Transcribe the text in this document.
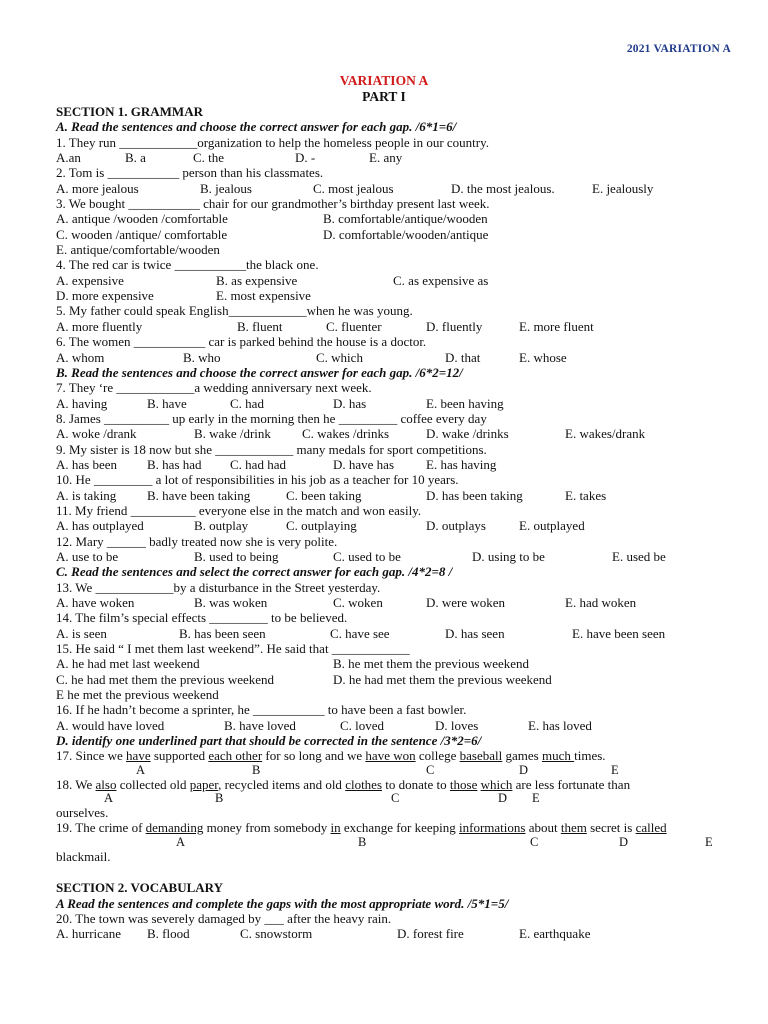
2021 VARIATION A
VARIATION A
PART I
SECTION 1. GRAMMAR
A. Read the sentences and choose the correct answer for each gap. /6*1=6/
1. They run ____________organization to help the homeless people in our country.
A.an	B. a	C. the	D. -	E. any
2. Tom is ___________ person than his classmates.
A. more jealous	B. jealous	C. most jealous	D. the most jealous.	E. jealously
3. We bought ___________ chair for our grandmother’s birthday present last week.
A. antique /wooden /comfortable	B. comfortable/antique/wooden
C. wooden /antique/ comfortable	D. comfortable/wooden/antique
E. antique/comfortable/wooden
4. The red car is twice ___________the black one.
A. expensive	B. as expensive	C. as expensive as
D. more expensive	E. most expensive
5. My father could speak English____________when he was young.
A. more fluently	B. fluent	C. fluenter	D. fluently	E. more fluent
6. The women ___________ car is parked behind the house is a doctor.
A. whom	B. who	C. which	D. that	E. whose
B. Read the sentences and choose the correct answer for each gap. /6*2=12/
7. They ‘re ____________a wedding anniversary next week.
A. having	B. have	C. had	D. has	E. been having
8. James __________ up early in the morning then he _________ coffee every day
A. woke /drank	B. wake /drink C. wakes /drinks	D. wake /drinks	E. wakes/drank
9. My sister is 18 now but she ____________ many medals for sport competitions.
A. has been B. has had C. had had	D. have has E. has having
10. He _________ a lot of responsibilities in his job as a teacher for 10 years.
A. is taking B. have been taking	C. been taking	D. has been taking	E. takes
11. My friend __________ everyone else in the match and won easily.
A. has outplayed	B. outplay	C. outplaying	D. outplays	E. outplayed
12. Mary ______ badly treated now she is very polite.
A. use to be	B. used to being	C. used to be	D. using to be	E. used be
C. Read the sentences and select the correct answer for each gap. /4*2=8 /
13. We ____________by a disturbance in the Street yesterday.
A. have woken	B. was woken	C. woken	D. were woken	E. had woken
14. The film’s special effects _________ to be believed.
A. is seen	B. has been seen	C. have see	D. has seen	E. have been seen
15. He said “ I met them last weekend”. He said that ____________
A. he had met last weekend	B. he met them the previous weekend
C. he had met them the previous weekend	D. he had met them the previous weekend
E he met the previous weekend
16. If he hadn’t become a sprinter, he ___________ to have been a fast bowler.
A. would have loved	B. have loved	C. loved	D. loves	E. has loved
D. identify one underlined part that should be corrected in the sentence /3*2=6/
17. Since we have supported each other for so long and we have won college baseball games much times.
A	B	C	D	E
18. We also collected old paper, recycled items and old clothes to donate to those which are less fortunate than
A	B	C	D E
ourselves.
19. The crime of demanding money from somebody in exchange for keeping informations about them secret is called
A	B	C	D	E
blackmail.
SECTION 2. VOCABULARY
A Read the sentences and complete the gaps with the most appropriate word. /5*1=5/
20. The town was severely damaged by ___ after the heavy rain.
A. hurricane B. flood	C. snowstorm	D. forest fire	E. earthquake
